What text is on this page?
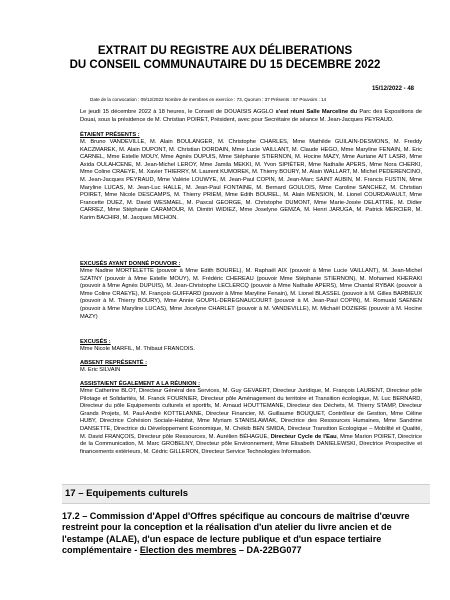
EXTRAIT DU REGISTRE AUX DÉLIBERATIONS
DU CONSEIL COMMUNAUTAIRE DU 15 DECEMBRE 2022
15/12/2022 - 48
Date de la convocation : 09/12/2022 Nombre de membres en exercice : 73, Quorum : 37 Présents : 57 Pouvoirs : 14
Le jeudi 15 décembre 2022 à 18 heures, le Conseil de DOUAISIS AGGLO s'est réuni Salle Marceline du Parc des Expositions de Douai, sous la présidence de M. Christian POIRET, Président, avec pour Secrétaire de séance M. Jean-Jacques PEYRAUD.
ÉTAIENT PRÉSENTS :
M. Bruno VANDEVILLE, M. Alain BOULANGER, M. Christophe CHARLES, Mme Mathilde GUILAIN-DESMONS, M. Freddy KACZMAREK, M. Alain DUPONT, M. Christian DORDAIN, Mme Lucie VAILLANT, M. Claude HEGO, Mme Maryline FENAIN, M. Eric CARNEL, Mme Estelle MOUY, Mme Agnès DUPUIS, Mme Stéphanie STIERNON, M. Hocine MAZY, Mme Auriane AIT LASRI, Mme Axida OULAHCENE, M. Jean-Michel LEROY, Mme Jamila MEKKI, M. Yvon SIPIÉTER, Mme Nathalie APERS, Mme Nora CHERKI, Mme Coline CRAEYE, M. Xavier THIERRY, M. Laurent KUMOREK, M. Thierry BOURY, M. Alain WALLART, M. Michel PEDERENCINO, M. Jean-Jacques PEYRAUD, Mme Valérie LOUWYE, M. Jean-Paul COPIN, M. Jean-Marc SAINT AUBIN, M. Francis FUSTIN, Mme Maryline LUCAS, M. Jean-Luc HALLE, M. Jean-Paul FONTAINE, M. Bernard GOULOIS, Mme Caroline SANCHEZ, M. Christian POIRET, Mme Nicole DESCAMPS, M. Thierry PRIEM, Mme Edith BOUREL, M. Alain MENSION, M. Lionel COURDAVAULT, Mme Francette DUEZ, M. David WESMAEL, M. Pascal GEORGE, M. Christophe DUMONT, Mme Marie-Josée DELATTRE, M. Didier CARREZ, Mme Stéphanie CARAMOUR, M. Dimitri WIDIEZ, Mme Joselyne GEMZA, M. Henri JARUGA, M. Patrick MERCIER, M. Karim BACHIRI, M. Jacques MICHON.
EXCUSÉS AYANT DONNÉ POUVOIR :
Mme Nadine MORTELETTE (pouvoir à Mme Edith BOUREL), M. Raphaël AIX (pouvoir à Mme Lucie VAILLANT), M. Jean-Michel SZATNY (pouvoir à Mme Estelle MOUY), M. Frédéric CHEREAU (pouvoir Mme Stéphanie STIERNON), M. Mohamed KHERAKI (pouvoir à Mme Agnès DUPUIS), M. Jean-Christophe LECLERCQ (pouvoir à Mme Nathalie APERS), Mme Chantal RYBAK (pouvoir à Mme Coline CRAEYE), M. François GUIFFARD (pouvoir à Mme Maryline Fenain), M. Lionel BLASSEL (pouvoir à M. Gilles BARBIEUX (pouvoir à M. Thierry BOURY), Mme Annie GOUPIL-DEREGNAUCOURT (pouvoir à M. Jean-Paul COPIN), M. Romuald SAENEN (pouvoir à Mme Maryline LUCAS), Mme Jocelyne CHARLET (pouvoir à M. VANDEVILLE), M. Michaël DOZIERE (pouvoir à M. Hocine MAZY)
EXCUSÉS :
Mme Nicole MARFIL, M. Thibaut FRANCOIS.
ABSENT REPRÉSENTÉ :
M. Eric SILVAIN
ASSISTAIENT ÉGALEMENT A LA RÉUNION :
Mme Catherine BLOT, Directeur Général des Services, M. Guy GEVAERT, Directeur Juridique, M. François LAURENT, Directeur pôle Pilotage et Solidarités, M. Franck FOURNIER, Directeur pôle Aménagement du territoire et Transition écologique, M. Luc BERNARD, Directeur du pôle Equipements culturels et sportifs, M. Arnaud HOUTTEMANE, Directeur des Déchets, M. Thierry STAMP, Directeur Grands Projets, M. Paul-André KOTTELANNE, Directeur Financier, M. Guillaume BOUQUET, Contrôleur de Gestion, Mme Céline HUBY, Directrice Cohésion Sociale-Habitat, Mme Myriam STANISLAWIAK, Directrice des Ressources Humaines, Mme Sandrine DANSETTE, Directrice du Développement Economique, M. Chékib BEN SMIDA, Directeur Transition Ecologique – Mobilité et Qualité, M. David FRANÇOIS, Directeur pôle Ressources, M. Aurélien BÉHAGUE, Directeur Cycle de l'Eau, Mme Marion POIRET, Directrice de la Communication, M. Marc GROBELNY, Directeur pôle Environnement, Mme Elisabeth DANIELEWSKI, Directrice Prospective et financements extérieurs, M. Cédric GILLERON, Directeur Service Technologies Information.
17 – Equipements culturels
17.2 – Commission d'Appel d'Offres spécifique au concours de maîtrise d'œuvre restreint pour la conception et la réalisation d'un atelier du livre ancien et de l'estampe (ALAE), d'un espace de lecture publique et d'un espace tertiaire complémentaire - Election des membres – DA-22BG077
